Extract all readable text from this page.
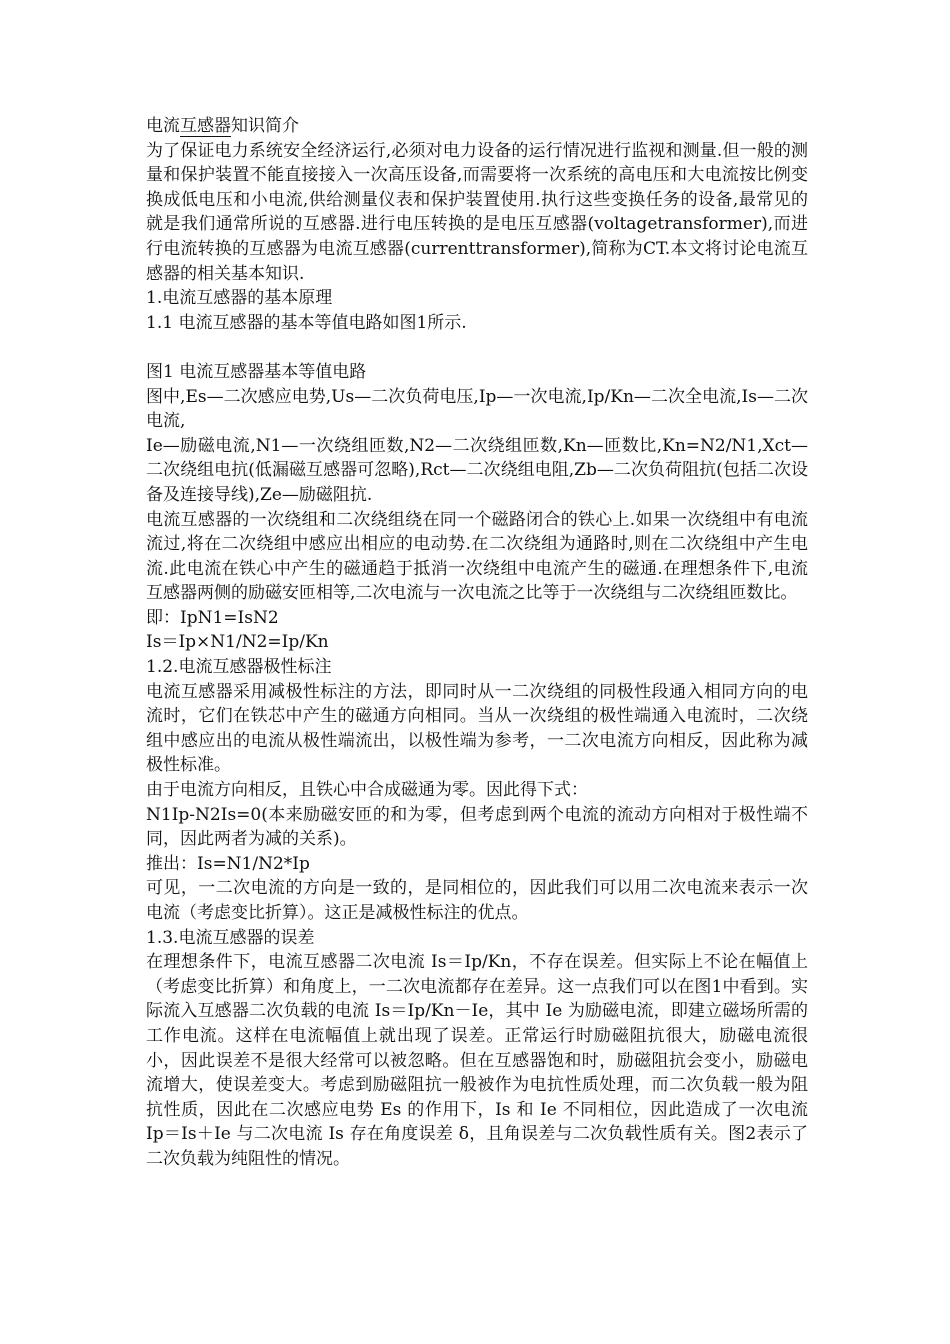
电流互感器知识简介

为了保证电力系统安全经济运行,必须对电力设备的运行情况进行监视和测量.但一般的测量和保护装置不能直接接入一次高压设备,而需要将一次系统的高电压和大电流按比例变换成低电压和小电流,供给测量仪表和保护装置使用.执行这些变换任务的设备,最常见的就是我们通常所说的互感器.进行电压转换的是电压互感器(voltagetransformer),而进行电流转换的互感器为电流互感器(currenttransformer),简称为CT.本文将讨论电流互感器的相关基本知识.

1.电流互感器的基本原理

1.1 电流互感器的基本等值电路如图1所示.

图1 电流互感器基本等值电路

图中,Es—二次感应电势,Us—二次负荷电压,Ip—一次电流,Ip/Kn—二次全电流,Is—二次电流,

Ie—励磁电流,N1—一次绕组匝数,N2—二次绕组匝数,Kn—匝数比,Kn=N2/N1,Xct—二次绕组电抗(低漏磁互感器可忽略),Rct—二次绕组电阻,Zb—二次负荷阻抗(包括二次设备及连接导线),Ze—励磁阻抗.

电流互感器的一次绕组和二次绕组绕在同一个磁路闭合的铁心上.如果一次绕组中有电流流过,将在二次绕组中感应出相应的电动势.在二次绕组为通路时,则在二次绕组中产生电流.此电流在铁心中产生的磁通趋于抵消一次绕组中电流产生的磁通.在理想条件下,电流互感器两侧的励磁安匝相等,二次电流与一次电流之比等于一次绕组与二次绕组匝数比。

即：IpN1=IsN2

Is＝Ip×N1/N2=Ip/Kn

1.2.电流互感器极性标注

电流互感器采用减极性标注的方法，即同时从一二次绕组的同极性段通入相同方向的电流时，它们在铁芯中产生的磁通方向相同。当从一次绕组的极性端通入电流时，二次绕组中感应出的电流从极性端流出，以极性端为参考，一二次电流方向相反，因此称为减极性标准。

由于电流方向相反，且铁心中合成磁通为零。因此得下式：

N1Ip-N2Is=0(本来励磁安匝的和为零，但考虑到两个电流的流动方向相对于极性端不同，因此两者为减的关系)。

推出：Is=N1/N2*Ip

可见，一二次电流的方向是一致的，是同相位的，因此我们可以用二次电流来表示一次电流（考虑变比折算）。这正是减极性标注的优点。

1.3.电流互感器的误差

在理想条件下，电流互感器二次电流 Is＝Ip/Kn，不存在误差。但实际上不论在幅值上（考虑变比折算）和角度上，一二次电流都存在差异。这一点我们可以在图1中看到。实际流入互感器二次负载的电流 Is＝Ip/Kn－Ie，其中 Ie 为励磁电流，即建立磁场所需的工作电流。这样在电流幅值上就出现了误差。正常运行时励磁阻抗很大，励磁电流很小，因此误差不是很大经常可以被忽略。但在互感器饱和时，励磁阻抗会变小，励磁电流增大，使误差变大。考虑到励磁阻抗一般被作为电抗性质处理，而二次负载一般为阻抗性质，因此在二次感应电势 Es 的作用下，Is 和 Ie 不同相位，因此造成了一次电流 Ip＝Is＋Ie 与二次电流 Is 存在角度误差 δ，且角误差与二次负载性质有关。图2表示了二次负载为纯阻性的情况。
